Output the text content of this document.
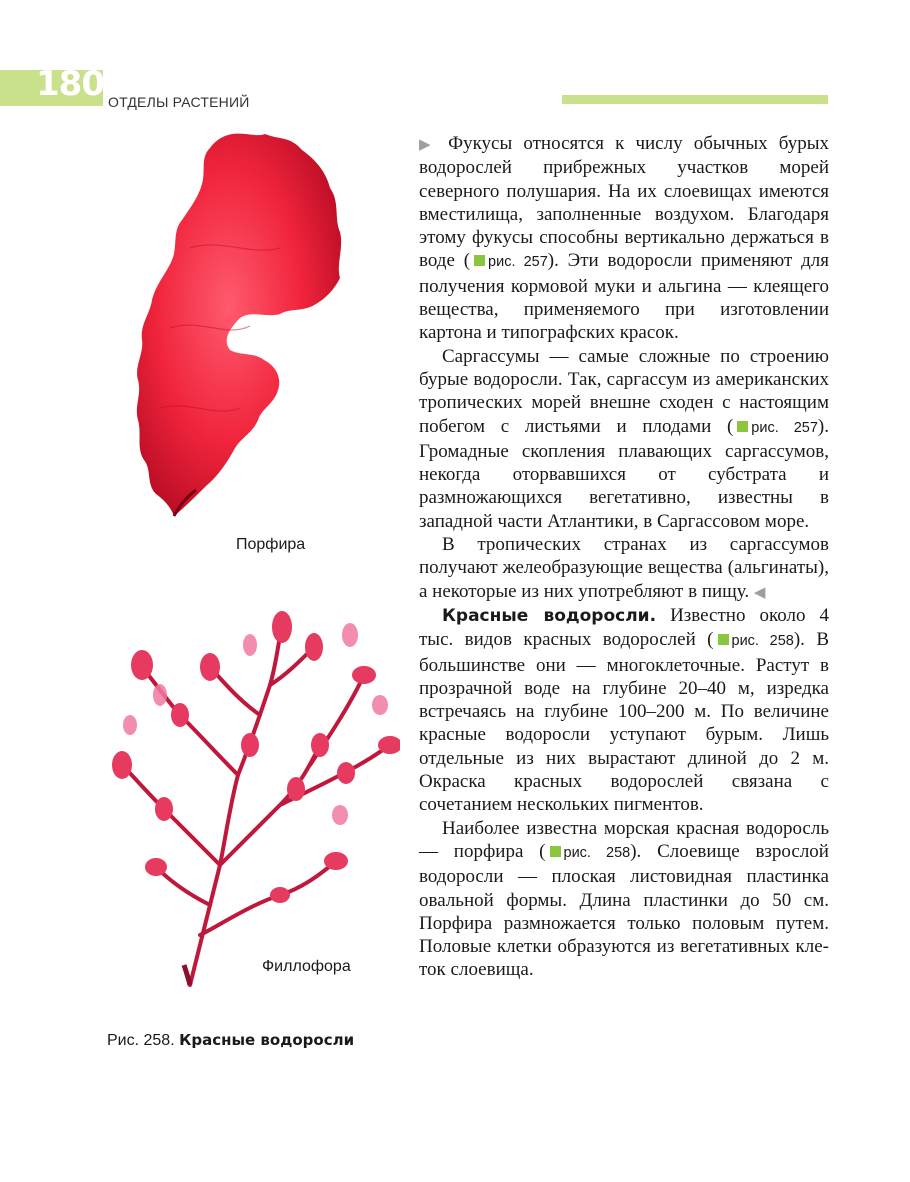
180 ОТДЕЛЫ РАСТЕНИЙ
Порфира
Филлофора
Рис. 258. Красные водоросли

▶ Фукусы относятся к числу обычных бурых водорослей прибрежных участков морей северного полушария. На их слоевищах имеются вместилища, заполненные воздухом. Благодаря этому фукусы способны вертикально держаться в воде ( рис. 257). Эти водоросли применяют для получения кормовой муки и альгина — клеящего вещества, применяемого при изготовлении картона и типографских красок.

Саргассумы — самые сложные по строению бурые водоросли. Так, саргассум из американских тропических морей внешне сходен с настоящим побегом с листьями и плодами ( рис. 257). Громадные скопления плавающих саргассумов, некогда оторвавшихся от субстрата и размножающихся вегетативно, известны в западной части Атлантики, в Саргассовом море.

В тропических странах из саргассумов получают желеобразующие вещества (альгинаты), а некоторые из них употребляют в пищу. ◀

Красные водоросли. Известно около 4 тыс. видов красных водорослей ( рис. 258). В большинстве они — многоклеточные. Растут в прозрачной воде на глубине 20–40 м, изредка встречаясь на глубине 100–200 м. По величине красные водоросли уступают бурым. Лишь отдельные из них вырастают длиной до 2 м. Окраска красных водорослей связана с сочетанием нескольких пигментов.

Наиболее известна морская красная водоросль — порфира ( рис. 258). Слоевище взрослой водоросли — плоская листовидная пластинка овальной формы. Длина пластинки до 50 см. Порфира размножается только половым путем. Половые клетки образуются из вегетативных клеток слоевища.
